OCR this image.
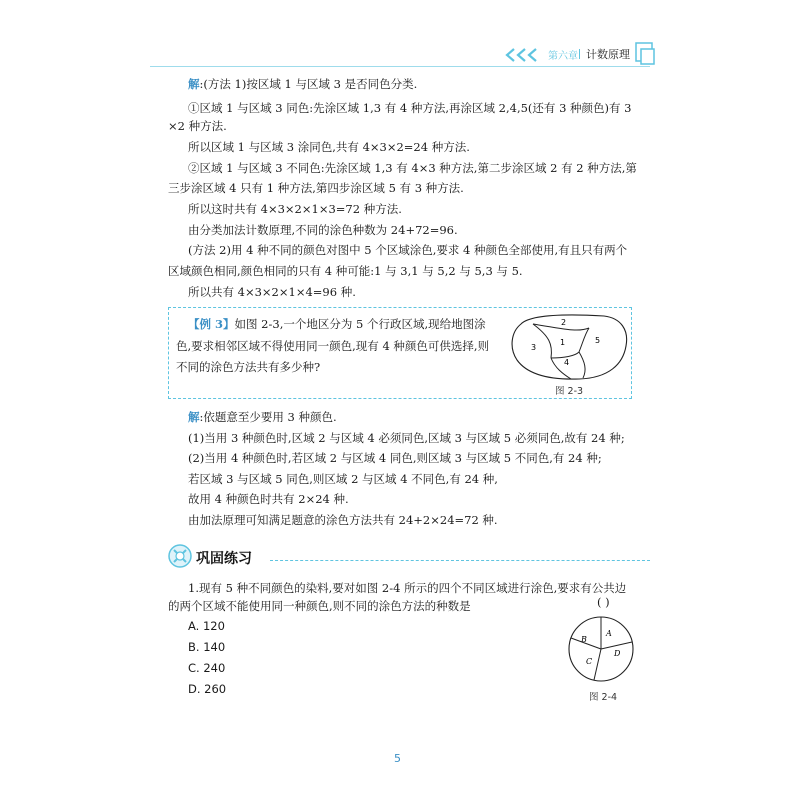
第六章 计数原理
解:(方法 1)按区域 1 与区域 3 是否同色分类.
①区域 1 与区域 3 同色:先涂区域 1,3 有 4 种方法,再涂区域 2,4,5(还有 3 种颜色)有 3
×2 种方法.
所以区域 1 与区域 3 涂同色,共有 4×3×2=24 种方法.
②区域 1 与区域 3 不同色:先涂区域 1,3 有 4×3 种方法,第二步涂区域 2 有 2 种方法,第
三步涂区域 4 只有 1 种方法,第四步涂区域 5 有 3 种方法.
所以这时共有 4×3×2×1×3=72 种方法.
由分类加法计数原理,不同的涂色种数为 24+72=96.
(方法 2)用 4 种不同的颜色对图中 5 个区域涂色,要求 4 种颜色全部使用,有且只有两个
区域颜色相同,颜色相同的只有 4 种可能:1 与 3,1 与 5,2 与 5,3 与 5.
所以共有 4×3×2×1×4=96 种.
【例 3】如图 2-3,一个地区分为 5 个行政区域,现给地图涂
色,要求相邻区域不得使用同一颜色,现有 4 种颜色可供选择,则
不同的涂色方法共有多少种?
1
2
3
4
5
图 2-3
解:依题意至少要用 3 种颜色.
(1)当用 3 种颜色时,区域 2 与区域 4 必须同色,区域 3 与区域 5 必须同色,故有 24 种;
(2)当用 4 种颜色时,若区域 2 与区域 4 同色,则区域 3 与区域 5 不同色,有 24 种;
若区域 3 与区域 5 同色,则区域 2 与区域 4 不同色,有 24 种,
故用 4 种颜色时共有 2×24 种.
由加法原理可知满足题意的涂色方法共有 24+2×24=72 种.
巩固练习
1.现有 5 种不同颜色的染料,要对如图 2-4 所示的四个不同区域进行涂色,要求有公共边
的两个区域不能使用同一种颜色,则不同的涂色方法的种数是	( )
A. 120
B. 140
C. 240
D. 260
A
B
C
D
图 2-4
5
